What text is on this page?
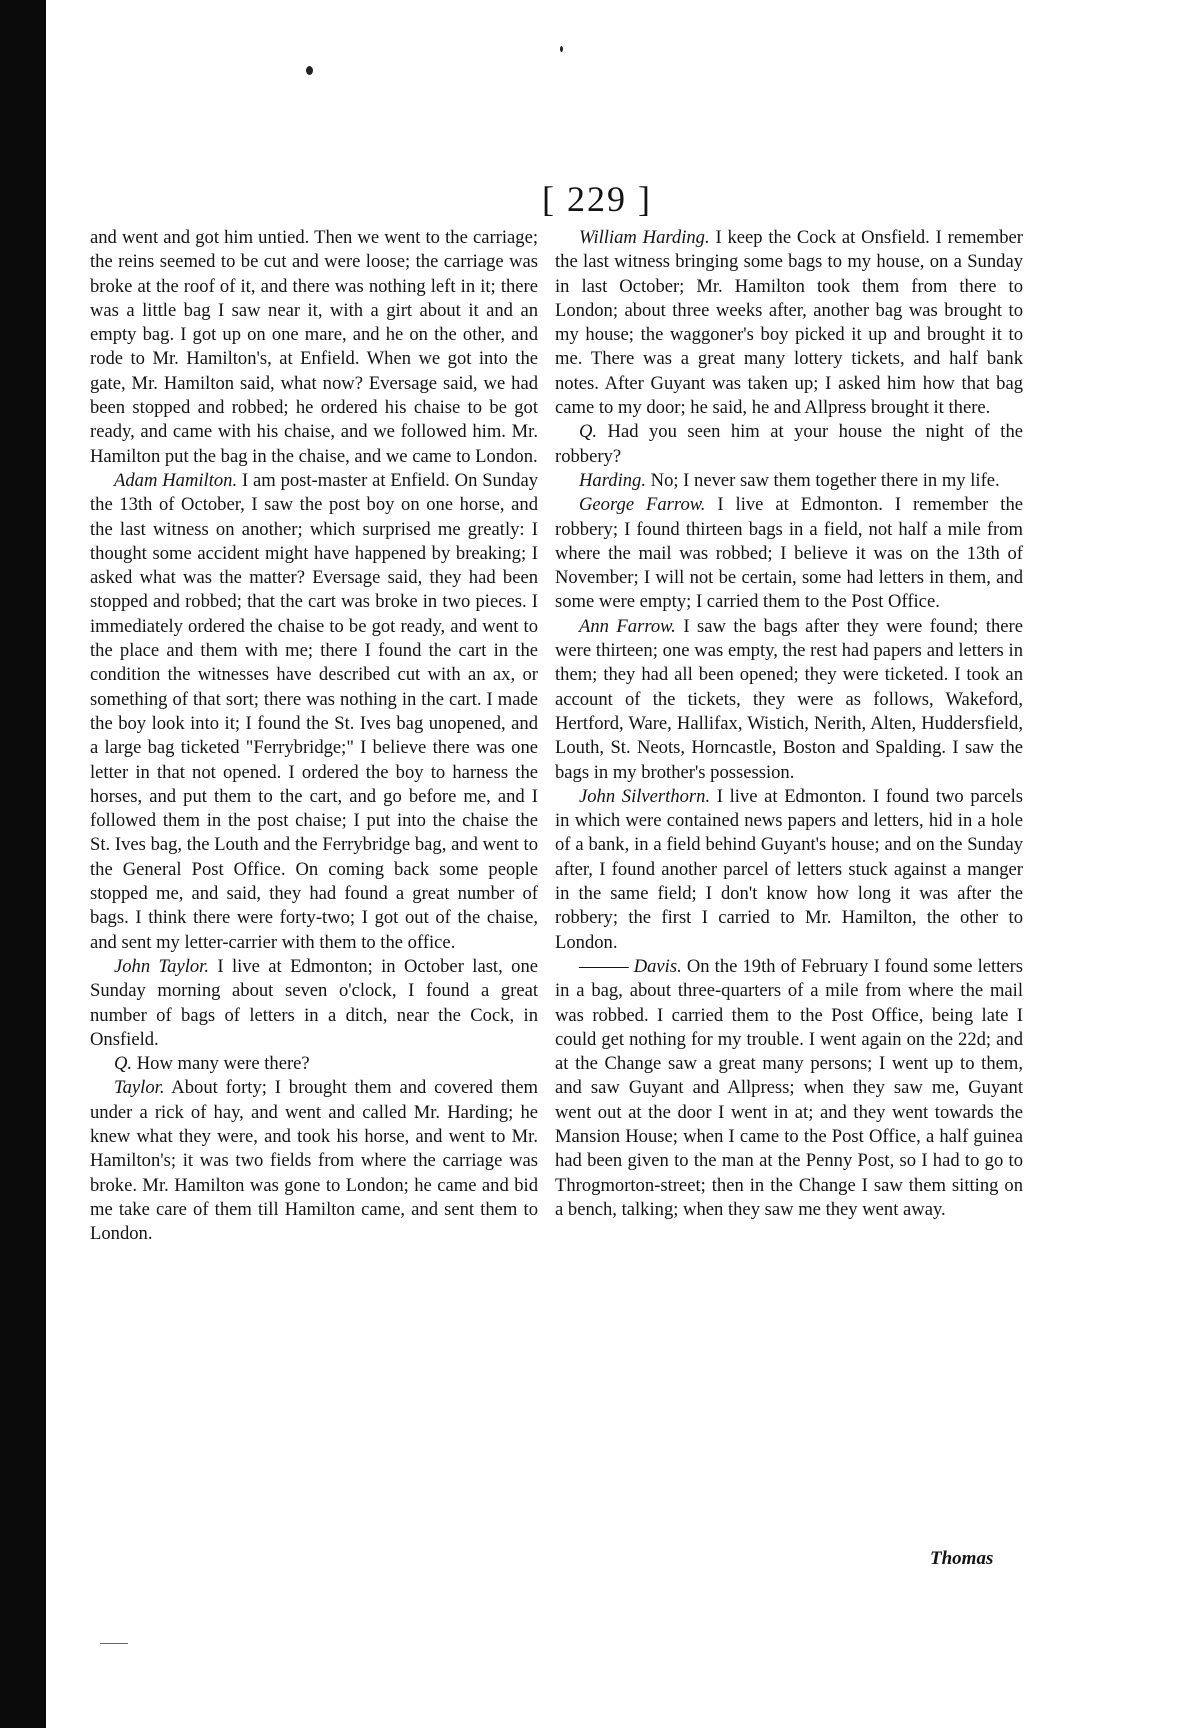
[ 229 ]

and went and got him untied. Then we went to the carriage; the reins seemed to be cut and were loose; the carriage was broke at the roof of it, and there was nothing left in it; there was a little bag I saw near it, with a girt about it and an empty bag. I got up on one mare, and he on the other, and rode to Mr. Hamilton's, at Enfield. When we got into the gate, Mr. Hamilton said, what now? Eversage said, we had been stopped and robbed; he ordered his chaise to be got ready, and came with his chaise, and we followed him. Mr. Hamilton put the bag in the chaise, and we came to London.

Adam Hamilton. I am post-master at Enfield. On Sunday the 13th of October, I saw the post boy on one horse, and the last witness on another; which surprised me greatly: I thought some accident might have happened by breaking; I asked what was the matter? Eversage said, they had been stopped and robbed; that the cart was broke in two pieces. I immediately ordered the chaise to be got ready, and went to the place and them with me; there I found the cart in the condition the witnesses have described cut with an ax, or something of that sort; there was nothing in the cart. I made the boy look into it; I found the St. Ives bag unopened, and a large bag ticketed "Ferrybridge;" I believe there was one letter in that not opened. I ordered the boy to harness the horses, and put them to the cart, and go before me, and I followed them in the post chaise; I put into the chaise the St. Ives bag, the Louth and the Ferrybridge bag, and went to the General Post Office. On coming back some people stopped me, and said, they had found a great number of bags. I think there were forty-two; I got out of the chaise, and sent my letter-carrier with them to the office.

John Taylor. I live at Edmonton; in October last, one Sunday morning about seven o'clock, I found a great number of bags of letters in a ditch, near the Cock, in Onsfield.

Q. How many were there?

Taylor. About forty; I brought them and covered them under a rick of hay, and went and called Mr. Harding; he knew what they were, and took his horse, and went to Mr. Hamilton's; it was two fields from where the carriage was broke. Mr. Hamilton was gone to London; he came and bid me take care of them till Hamilton came, and sent them to London.

William Harding. I keep the Cock at Onsfield. I remember the last witness bringing some bags to my house, on a Sunday in last October; Mr. Hamilton took them from there to London; about three weeks after, another bag was brought to my house; the waggoner's boy picked it up and brought it to me. There was a great many lottery tickets, and half bank notes. After Guyant was taken up; I asked him how that bag came to my door; he said, he and Allpress brought it there.

Q. Had you seen him at your house the night of the robbery?

Harding. No; I never saw them together there in my life.

George Farrow. I live at Edmonton. I remember the robbery; I found thirteen bags in a field, not half a mile from where the mail was robbed; I believe it was on the 13th of November; I will not be certain, some had letters in them, and some were empty; I carried them to the Post Office.

Ann Farrow. I saw the bags after they were found; there were thirteen; one was empty, the rest had papers and letters in them; they had all been opened; they were ticketed. I took an account of the tickets, they were as follows, Wakeford, Hertford, Ware, Hallifax, Wistich, Nerith, Alten, Huddersfield, Louth, St. Neots, Horncastle, Boston and Spalding. I saw the bags in my brother's possession.

John Silverthorn. I live at Edmonton. I found two parcels in which were contained news papers and letters, hid in a hole of a bank, in a field behind Guyant's house; and on the Sunday after, I found another parcel of letters stuck against a manger in the same field; I don't know how long it was after the robbery; the first I carried to Mr. Hamilton, the other to London.

——— Davis. On the 19th of February I found some letters in a bag, about three-quarters of a mile from where the mail was robbed. I carried them to the Post Office, being late I could get nothing for my trouble. I went again on the 22d; and at the Change saw a great many persons; I went up to them, and saw Guyant and Allpress; when they saw me, Guyant went out at the door I went in at; and they went towards the Mansion House; when I came to the Post Office, a half guinea had been given to the man at the Penny Post, so I had to go to Throgmorton-street; then in the Change I saw them sitting on a bench, talking; when they saw me they went away.

Thomas
